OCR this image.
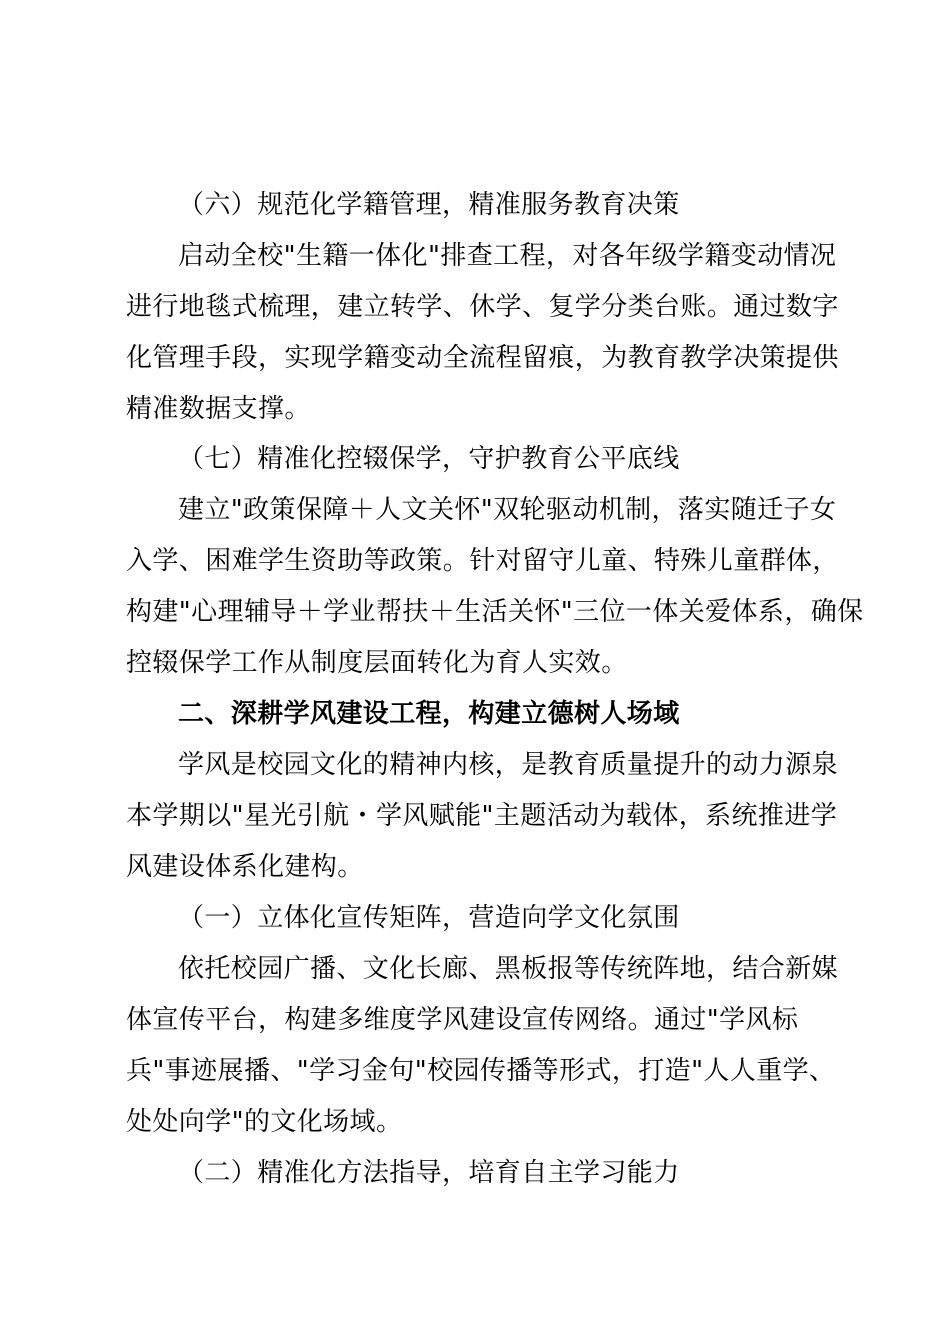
（六）规范化学籍管理，精准服务教育决策
启动全校"生籍一体化"排查工程，对各年级学籍变动情况
进行地毯式梳理，建立转学、休学、复学分类台账。通过数字
化管理手段，实现学籍变动全流程留痕，为教育教学决策提供
精准数据支撑。
（七）精准化控辍保学，守护教育公平底线
建立"政策保障＋人文关怀"双轮驱动机制，落实随迁子女
入学、困难学生资助等政策。针对留守儿童、特殊儿童群体，
构建"心理辅导＋学业帮扶＋生活关怀"三位一体关爱体系，确保
控辍保学工作从制度层面转化为育人实效。
二、深耕学风建设工程，构建立德树人场域
学风是校园文化的精神内核，是教育质量提升的动力源泉
本学期以"星光引航・学风赋能"主题活动为载体，系统推进学
风建设体系化建构。
（一）立体化宣传矩阵，营造向学文化氛围
依托校园广播、文化长廊、黑板报等传统阵地，结合新媒
体宣传平台，构建多维度学风建设宣传网络。通过"学风标
兵"事迹展播、"学习金句"校园传播等形式，打造"人人重学、
处处向学"的文化场域。
（二）精准化方法指导，培育自主学习能力
